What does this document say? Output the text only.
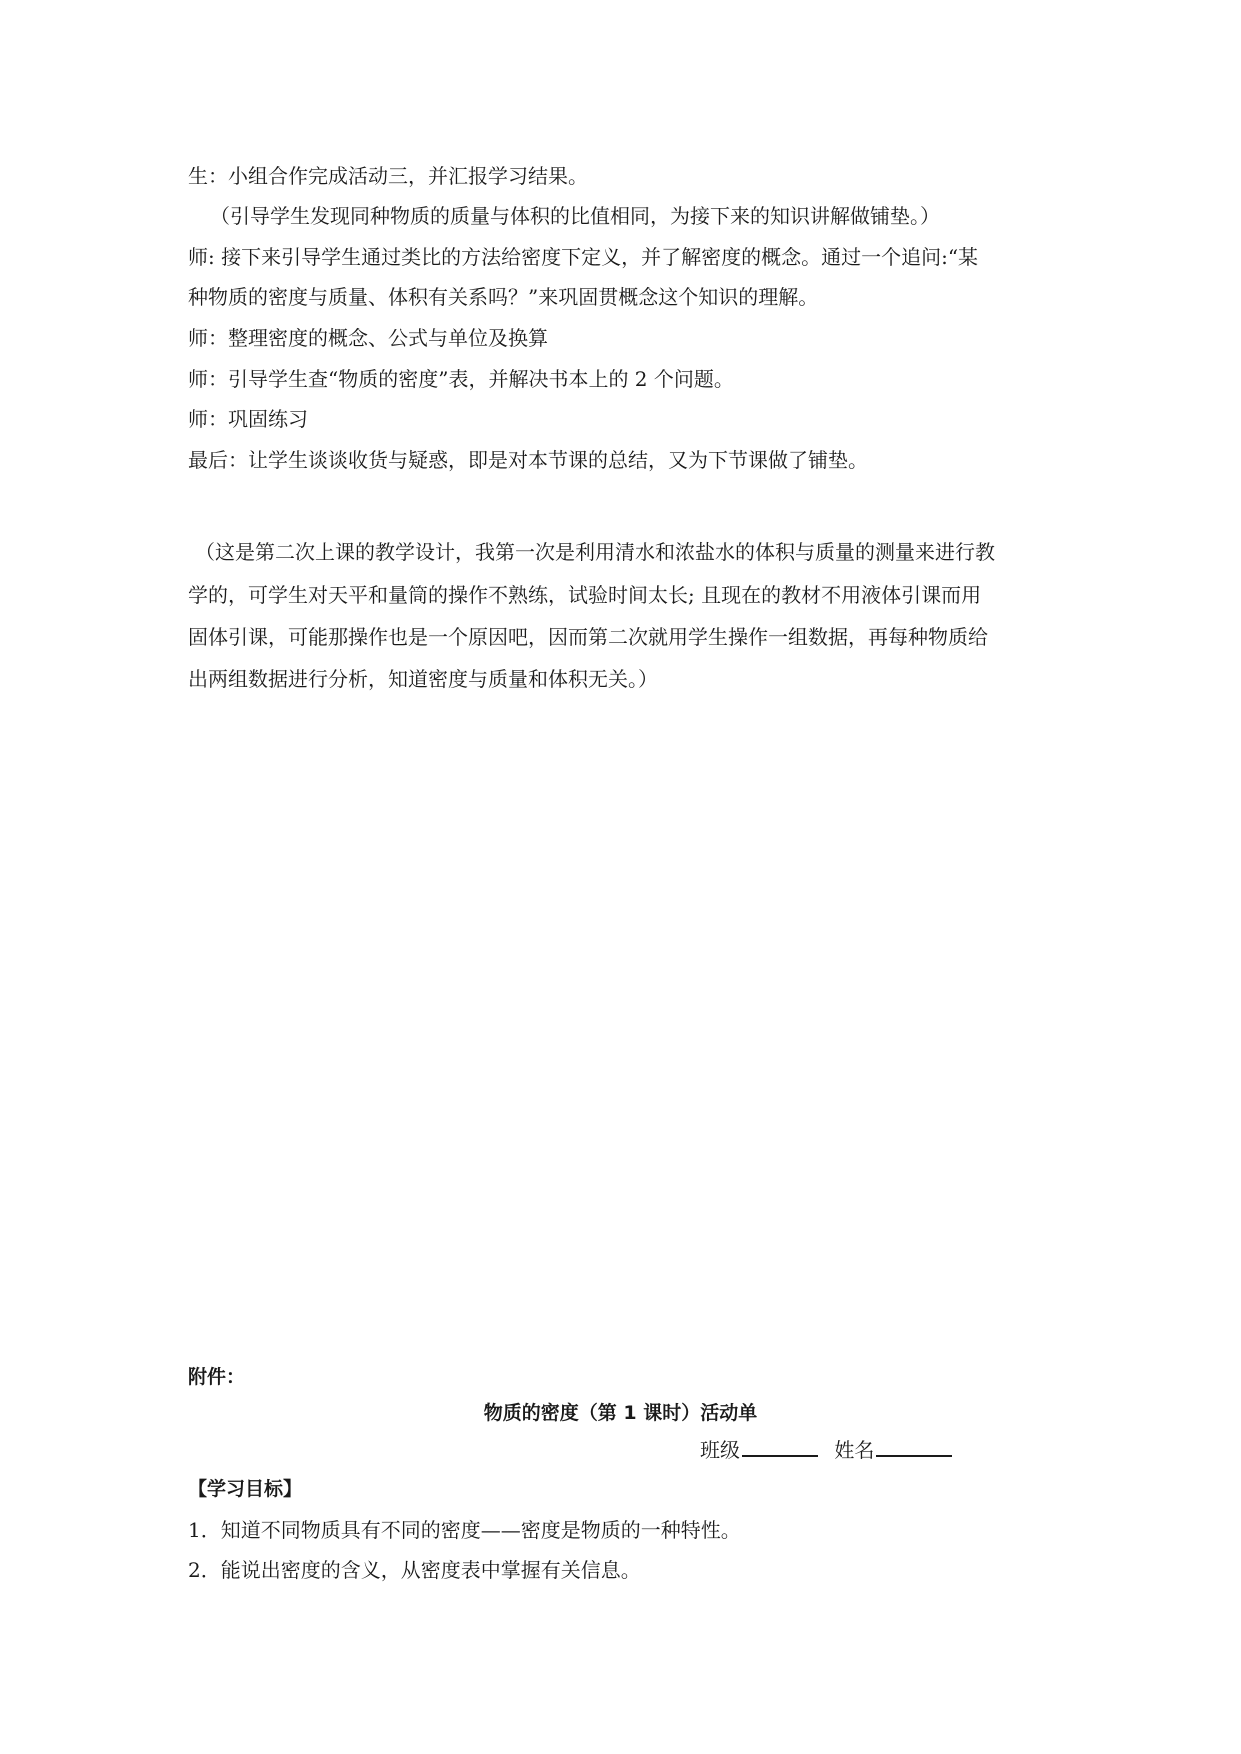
生：小组合作完成活动三，并汇报学习结果。
（引导学生发现同种物质的质量与体积的比值相同，为接下来的知识讲解做铺垫。）
师: 接下来引导学生通过类比的方法给密度下定义，并了解密度的概念。通过一个追问:“某
种物质的密度与质量、体积有关系吗？”来巩固贯概念这个知识的理解。
师：整理密度的概念、公式与单位及换算
师：引导学生查“物质的密度”表，并解决书本上的 2 个问题。
师：巩固练习
最后：让学生谈谈收货与疑惑，即是对本节课的总结，又为下节课做了铺垫。
（这是第二次上课的教学设计，我第一次是利用清水和浓盐水的体积与质量的测量来进行教
学的，可学生对天平和量筒的操作不熟练，试验时间太长; 且现在的教材不用液体引课而用
固体引课，可能那操作也是一个原因吧，因而第二次就用学生操作一组数据，再每种物质给
出两组数据进行分析，知道密度与质量和体积无关。）
附件：
物质的密度（第 1 课时）活动单
班级	姓名
【学习目标】
1．知道不同物质具有不同的密度——密度是物质的一种特性。
2．能说出密度的含义，从密度表中掌握有关信息。
